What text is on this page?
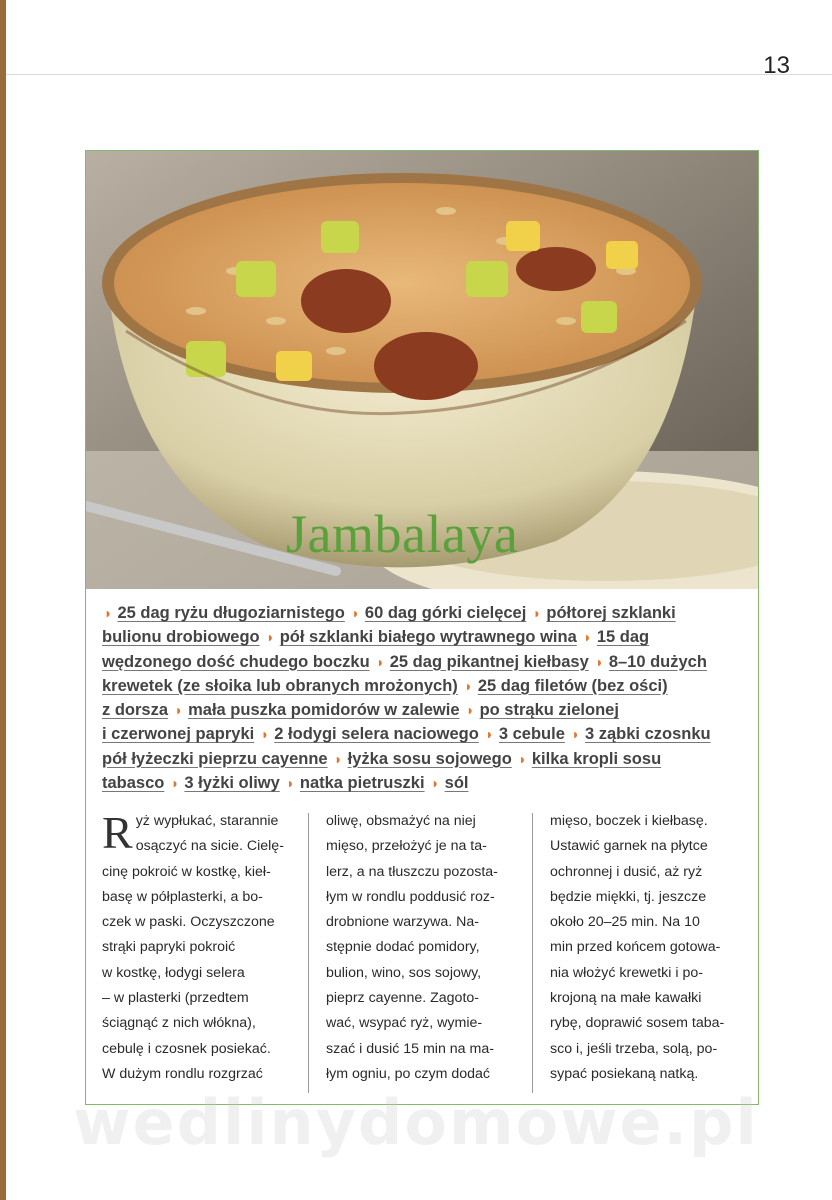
13
Jambalaya
◗ 25 dag ryżu długoziarnistego ◗ 60 dag górki cielęcej ◗ półtorej szklanki
bulionu drobiowego ◗ pół szklanki białego wytrawnego wina ◗ 15 dag
wędzonego dość chudego boczku ◗ 25 dag pikantnej kiełbasy ◗ 8–10 dużych
krewetek (ze słoika lub obranych mrożonych) ◗ 25 dag filetów (bez ości)
z dorsza ◗ mała puszka pomidorów w zalewie ◗ po strąku zielonej
i czerwonej papryki ◗ 2 łodygi selera naciowego ◗ 3 cebule ◗ 3 ząbki czosnku
pół łyżeczki pieprzu cayenne ◗ łyżka sosu sojowego ◗ kilka kropli sosu
tabasco ◗ 3 łyżki oliwy ◗ natka pietruszki ◗ sól
R yż wypłukać, starannie
osączyć na sicie. Cielę-
cinę pokroić w kostkę, kieł-
basę w półplasterki, a bo-
czek w paski. Oczyszczone
strąki papryki pokroić
w kostkę, łodygi selera
– w plasterki (przedtem
ściągnąć z nich włókna),
cebulę i czosnek posiekać.
W dużym rondlu rozgrzać
oliwę, obsmażyć na niej
mięso, przełożyć je na ta-
lerz, a na tłuszczu pozosta-
łym w rondlu poddusić roz-
drobnione warzywa. Na-
stępnie dodać pomidory,
bulion, wino, sos sojowy,
pieprz cayenne. Zagoto-
wać, wsypać ryż, wymie-
szać i dusić 15 min na ma-
łym ogniu, po czym dodać
mięso, boczek i kiełbasę.
Ustawić garnek na płytce
ochronnej i dusić, aż ryż
będzie miękki, tj. jeszcze
około 20–25 min. Na 10
min przed końcem gotowa-
nia włożyć krewetki i po-
krojoną na małe kawałki
rybę, doprawić sosem taba-
sco i, jeśli trzeba, solą, po-
sypać posiekaną natką.
wedlinydomowe.pl
